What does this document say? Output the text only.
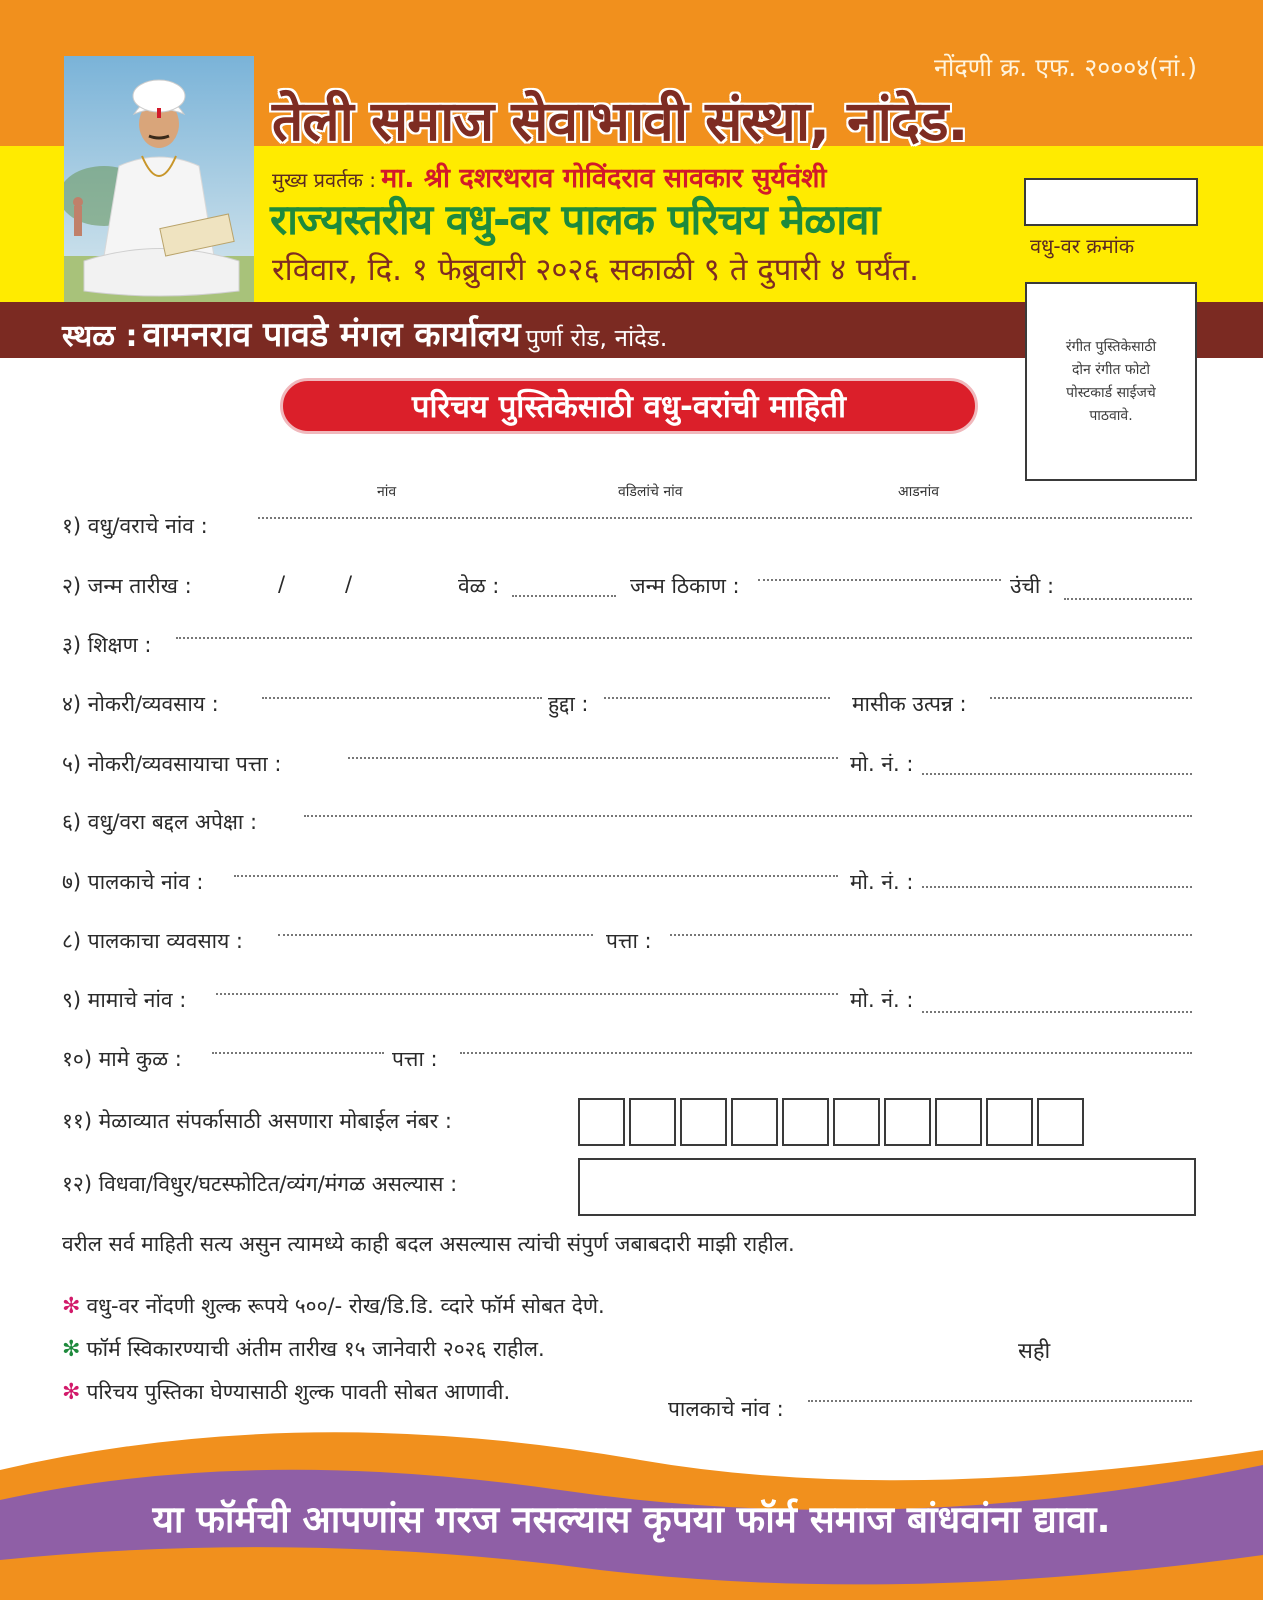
नोंदणी क्र. एफ. २०००४(नां.)
तेली समाज सेवाभावी संस्था, नांदेड.
मुख्य प्रवर्तक : मा. श्री दशरथराव गोविंदराव सावकार सुर्यवंशी
राज्यस्तरीय वधु-वर पालक परिचय मेळावा
रविवार, दि. १ फेब्रुवारी २०२६ सकाळी ९ ते दुपारी ४ पर्यंत.
वधु-वर क्रमांक
स्थळ : वामनराव पावडे मंगल कार्यालय पुर्णा रोड, नांदेड.	रंगीत पुस्तिकेसाठी
दोन रंगीत फोटो
पोस्टकार्ड साईजचे
पाठवावे.
परिचय पुस्तिकेसाठी वधु-वरांची माहिती
नांव	वडिलांचे नांव	आडनांव
१) वधु/वराचे नांव :
२) जन्म तारीख :	/	/	वेळ :	जन्म ठिकाण :	उंची :
३) शिक्षण :
४) नोकरी/व्यवसाय :	हुद्दा :	मासीक उत्पन्न :
५) नोकरी/व्यवसायाचा पत्ता :	मो. नं. :
६) वधु/वरा बद्दल अपेक्षा :
७) पालकाचे नांव :	मो. नं. :
८) पालकाचा व्यवसाय :	पत्ता :
९) मामाचे नांव :	मो. नं. :
१०) मामे कुळ :	पत्ता :
११) मेळाव्यात संपर्कासाठी असणारा मोबाईल नंबर :
१२) विधवा/विधुर/घटस्फोटित/व्यंग/मंगळ असल्यास :
वरील सर्व माहिती सत्य असुन त्यामध्ये काही बदल असल्यास त्यांची संपुर्ण जबाबदारी माझी राहील.
✻ वधु-वर नोंदणी शुल्क रूपये ५००/- रोख/डि.डि. व्दारे फॉर्म सोबत देणे.
✻ फॉर्म स्विकारण्याची अंतीम तारीख १५ जानेवारी २०२६ राहील.
✻ परिचय पुस्तिका घेण्यासाठी शुल्क पावती सोबत आणावी.
सही
पालकाचे नांव :
या फॉर्मची आपणांस गरज नसल्यास कृपया फॉर्म समाज बांधवांना द्यावा.
